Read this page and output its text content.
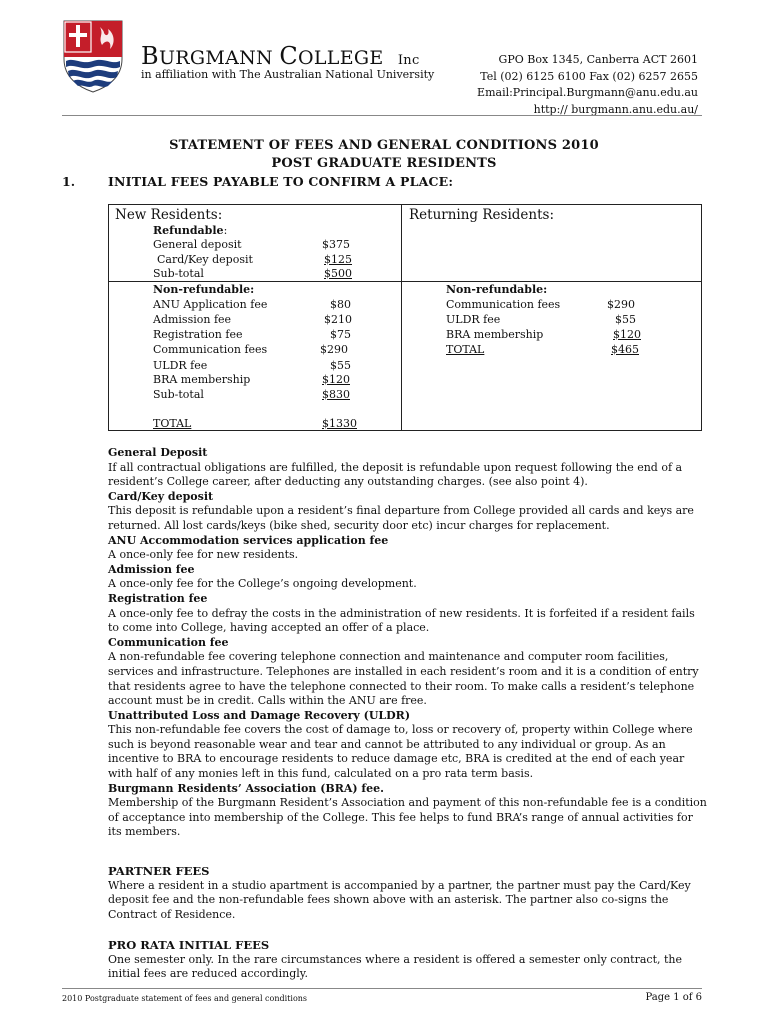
BURGMANN COLLEGE Inc
in affiliation with The Australian National University
GPO Box 1345, Canberra ACT 2601
Tel (02) 6125 6100 Fax (02) 6257 2655
Email:Principal.Burgmann@anu.edu.au
http:// burgmann.anu.edu.au/
STATEMENT OF FEES AND GENERAL CONDITIONS 2010
POST GRADUATE RESIDENTS
1.	INITIAL FEES PAYABLE TO CONFIRM A PLACE:
New Residents:	Returning Residents:
Refundable:
General deposit	$375
Card/Key deposit	$125
Sub-total	$500
Non-refundable:
ANU Application fee	$80
Admission fee	$210
Registration fee	$75
Communication fees	$290
ULDR fee	$55
BRA membership	$120
Sub-total	$830
TOTAL	$1330
Non-refundable:
Communication fees	$290
ULDR fee	$55
BRA membership	$120
TOTAL	$465

General Deposit

If all contractual obligations are fulfilled, the deposit is refundable upon request following the end of a resident’s College career, after deducting any outstanding charges. (see also point 4).

Card/Key deposit

This deposit is refundable upon a resident’s final departure from College provided all cards and keys are returned. All lost cards/keys (bike shed, security door etc) incur charges for replacement.

ANU Accommodation services application fee

A once-only fee for new residents.

Admission fee

A once-only fee for the College’s ongoing development.

Registration fee

A once-only fee to defray the costs in the administration of new residents. It is forfeited if a resident fails to come into College, having accepted an offer of a place.

Communication fee

A non-refundable fee covering telephone connection and maintenance and computer room facilities, services and infrastructure. Telephones are installed in each resident’s room and it is a condition of entry that residents agree to have the telephone connected to their room. To make calls a resident’s telephone account must be in credit. Calls within the ANU are free.

Unattributed Loss and Damage Recovery (ULDR)

This non-refundable fee covers the cost of damage to, loss or recovery of, property within College where such is beyond reasonable wear and tear and cannot be attributed to any individual or group. As an incentive to BRA to encourage residents to reduce damage etc, BRA is credited at the end of each year with half of any monies left in this fund, calculated on a pro rata term basis.

Burgmann Residents’ Association (BRA) fee.

Membership of the Burgmann Resident’s Association and payment of this non-refundable fee is a condition of acceptance into membership of the College. This fee helps to fund BRA’s range of annual activities for its members.

PARTNER FEES

Where a resident in a studio apartment is accompanied by a partner, the partner must pay the Card/Key deposit fee and the non-refundable fees shown above with an asterisk. The partner also co-signs the Contract of Residence.

PRO RATA INITIAL FEES

One semester only. In the rare circumstances where a resident is offered a semester only contract, the initial fees are reduced accordingly.

2010 Postgraduate statement of fees and general conditions	Page 1 of 6
